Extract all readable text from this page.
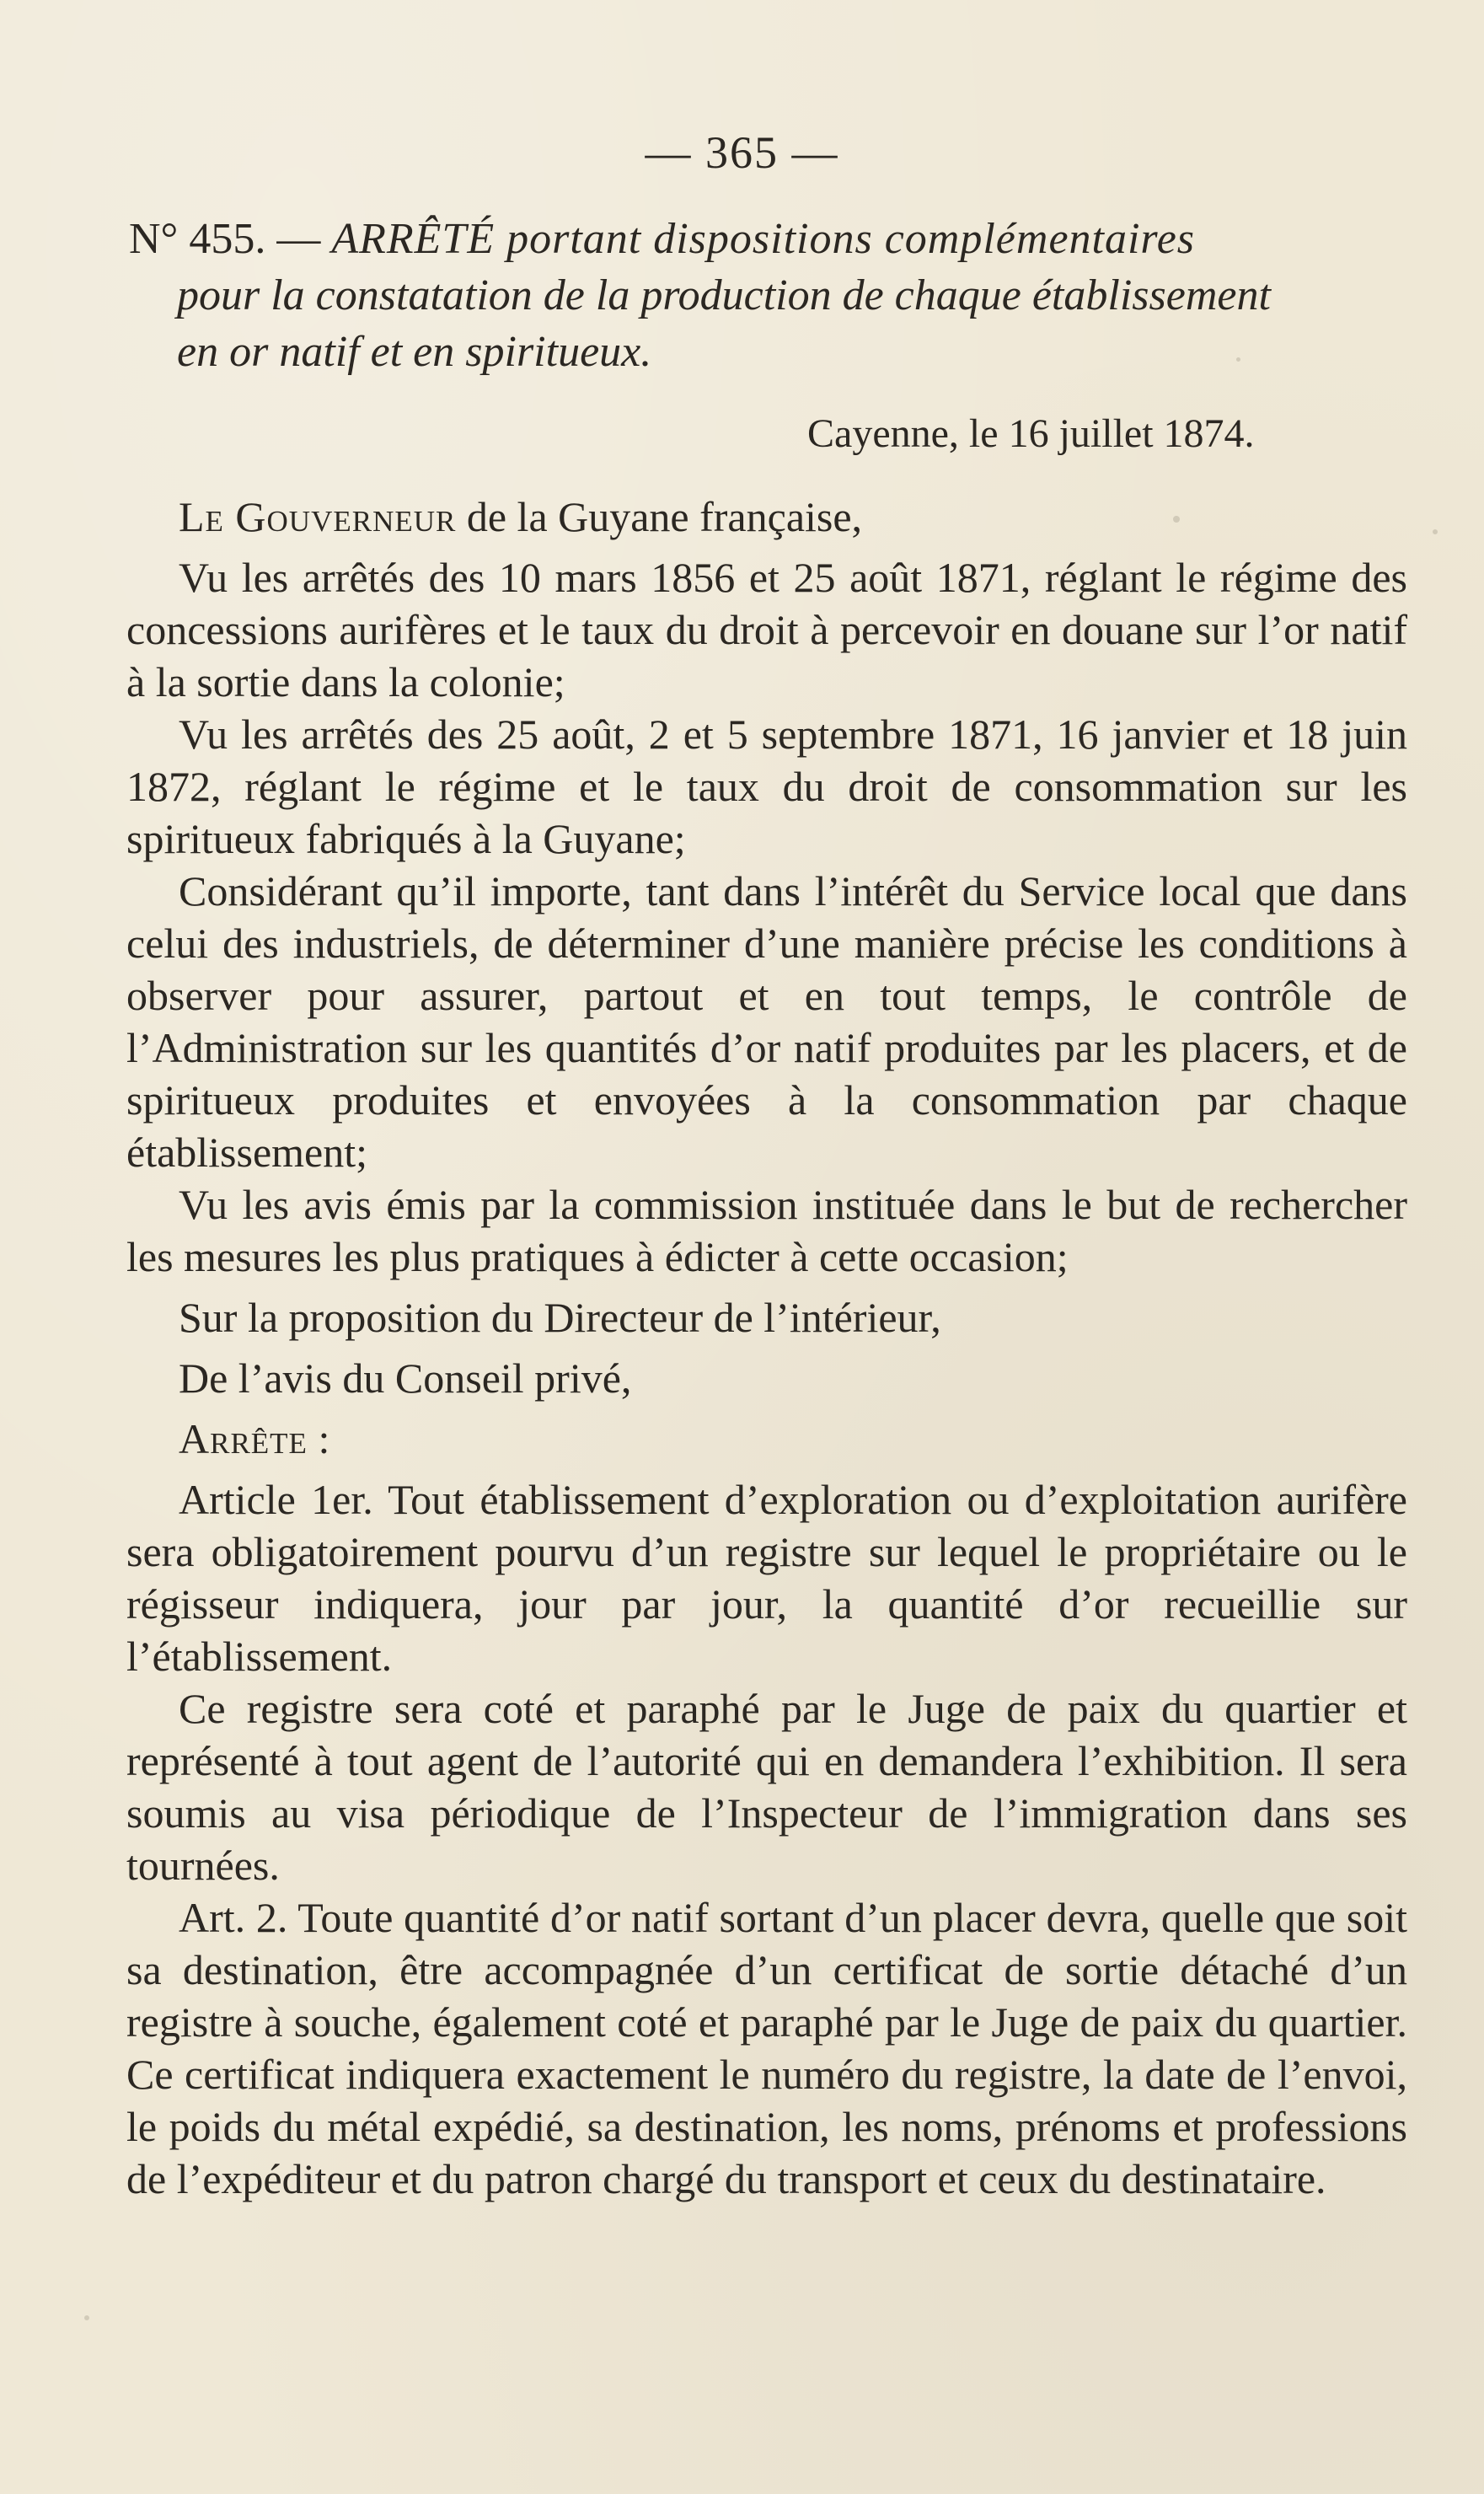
— 365 —
N° 455. — ARRÊTÉ portant dispositions complémentaires
pour la constatation de la production de chaque établissement
en or natif et en spiritueux.
Cayenne, le 16 juillet 1874.

Le Gouverneur de la Guyane française,

Vu les arrêtés des 10 mars 1856 et 25 août 1871, réglant le régime des concessions aurifères et le taux du droit à percevoir en douane sur l’or natif à la sortie dans la colonie;

Vu les arrêtés des 25 août, 2 et 5 septembre 1871, 16 janvier et 18 juin 1872, réglant le régime et le taux du droit de consommation sur les spiritueux fabriqués à la Guyane;

Considérant qu’il importe, tant dans l’intérêt du Service local que dans celui des industriels, de déterminer d’une manière précise les conditions à observer pour assurer, partout et en tout temps, le contrôle de l’Administration sur les quantités d’or natif produites par les placers, et de spiritueux produites et envoyées à la consommation par chaque établissement;

Vu les avis émis par la commission instituée dans le but de rechercher les mesures les plus pratiques à édicter à cette occasion;

Sur la proposition du Directeur de l’intérieur,

De l’avis du Conseil privé,

Arrête :

Article 1er. Tout établissement d’exploration ou d’exploitation aurifère sera obligatoirement pourvu d’un registre sur lequel le propriétaire ou le régisseur indiquera, jour par jour, la quantité d’or recueillie sur l’établissement.

Ce registre sera coté et paraphé par le Juge de paix du quartier et représenté à tout agent de l’autorité qui en demandera l’exhibition. Il sera soumis au visa périodique de l’Inspecteur de l’immigration dans ses tournées.

Art. 2. Toute quantité d’or natif sortant d’un placer devra, quelle que soit sa destination, être accompagnée d’un certificat de sortie détaché d’un registre à souche, également coté et paraphé par le Juge de paix du quartier. Ce certificat indiquera exactement le numéro du registre, la date de l’envoi, le poids du métal expédié, sa destination, les noms, prénoms et professions de l’expéditeur et du patron chargé du transport et ceux du destinataire.
